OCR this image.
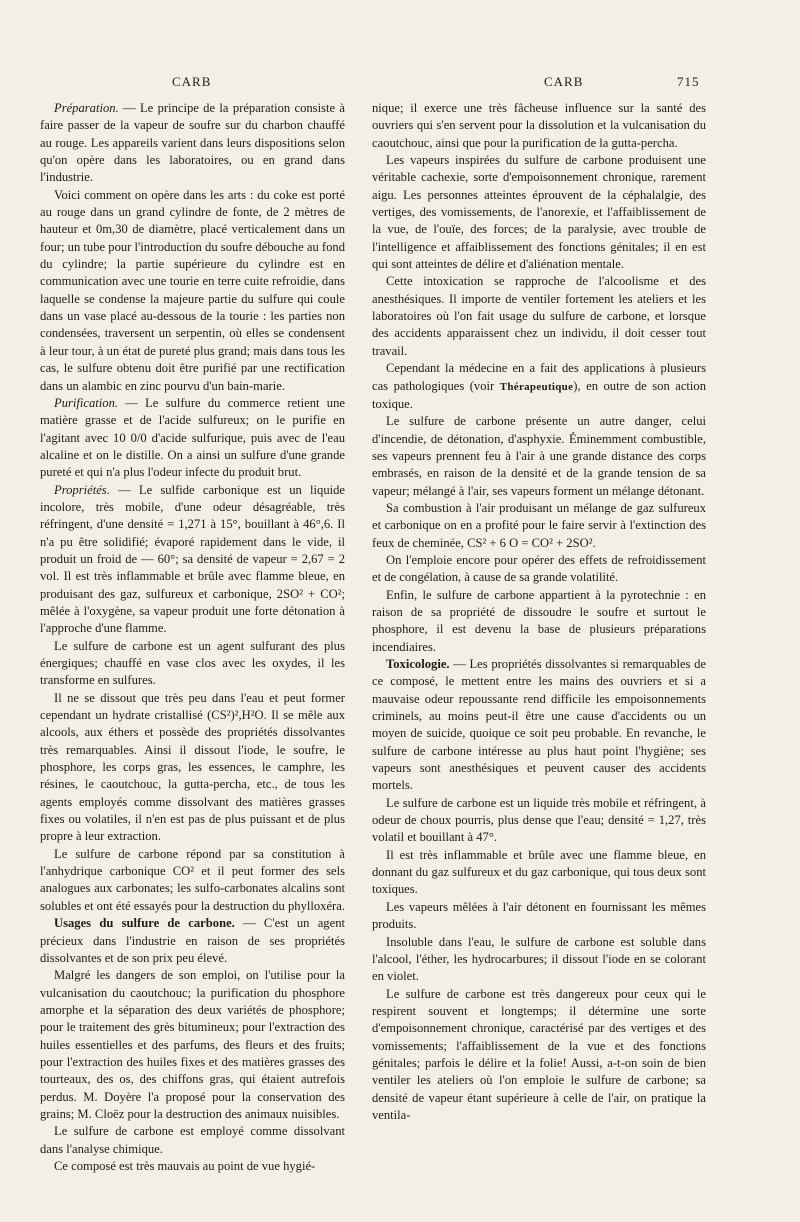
CARB	CARB	715

Préparation. — Le principe de la préparation consiste à faire passer de la vapeur de soufre sur du charbon chauffé au rouge. Les appareils varient dans leurs dispositions selon qu'on opère dans les laboratoires, ou en grand dans l'industrie.

Voici comment on opère dans les arts : du coke est porté au rouge dans un grand cylindre de fonte, de 2 mètres de hauteur et 0m,30 de diamètre, placé verticalement dans un four; un tube pour l'introduction du soufre débouche au fond du cylindre; la partie supérieure du cylindre est en communication avec une tourie en terre cuite refroidie, dans laquelle se condense la majeure partie du sulfure qui coule dans un vase placé au-dessous de la tourie : les parties non condensées, traversent un serpentin, où elles se condensent à leur tour, à un état de pureté plus grand; mais dans tous les cas, le sulfure obtenu doit être purifié par une rectification dans un alambic en zinc pourvu d'un bain-marie.

Purification. — Le sulfure du commerce retient une matière grasse et de l'acide sulfureux; on le purifie en l'agitant avec 10 0/0 d'acide sulfurique, puis avec de l'eau alcaline et on le distille. On a ainsi un sulfure d'une grande pureté et qui n'a plus l'odeur infecte du produit brut.

Propriétés. — Le sulfide carbonique est un liquide incolore, très mobile, d'une odeur désagréable, très réfringent, d'une densité = 1,271 à 15°, bouillant à 46°,6. Il n'a pu être solidifié; évaporé rapidement dans le vide, il produit un froid de — 60°; sa densité de vapeur = 2,67 = 2 vol. Il est très inflammable et brûle avec flamme bleue, en produisant des gaz, sulfureux et carbonique, 2SO² + CO²; mêlée à l'oxygène, sa vapeur produit une forte détonation à l'approche d'une flamme.

Le sulfure de carbone est un agent sulfurant des plus énergiques; chauffé en vase clos avec les oxydes, il les transforme en sulfures.

Il ne se dissout que très peu dans l'eau et peut former cependant un hydrate cristallisé (CS²)²,H²O. Il se mêle aux alcools, aux éthers et possède des propriétés dissolvantes très remarquables. Ainsi il dissout l'iode, le soufre, le phosphore, les corps gras, les essences, le camphre, les résines, le caoutchouc, la gutta-percha, etc., de tous les agents employés comme dissolvant des matières grasses fixes ou volatiles, il n'en est pas de plus puissant et de plus propre à leur extraction.

Le sulfure de carbone répond par sa constitution à l'anhydrique carbonique CO² et il peut former des sels analogues aux carbonates; les sulfo-carbonates alcalins sont solubles et ont été essayés pour la destruction du phylloxéra.

Usages du sulfure de carbone. — C'est un agent précieux dans l'industrie en raison de ses propriétés dissolvantes et de son prix peu élevé.

Malgré les dangers de son emploi, on l'utilise pour la vulcanisation du caoutchouc; la purification du phosphore amorphe et la séparation des deux variétés de phosphore; pour le traitement des grès bitumineux; pour l'extraction des huiles essentielles et des parfums, des fleurs et des fruits; pour l'extraction des huiles fixes et des matières grasses des tourteaux, des os, des chiffons gras, qui étaient autrefois perdus. M. Doyère l'a proposé pour la conservation des grains; M. Cloëz pour la destruction des animaux nuisibles.

Le sulfure de carbone est employé comme dissolvant dans l'analyse chimique.

Ce composé est très mauvais au point de vue hygié-

nique; il exerce une très fâcheuse influence sur la santé des ouvriers qui s'en servent pour la dissolution et la vulcanisation du caoutchouc, ainsi que pour la purification de la gutta-percha.

Les vapeurs inspirées du sulfure de carbone produisent une véritable cachexie, sorte d'empoisonnement chronique, rarement aigu. Les personnes atteintes éprouvent de la céphalalgie, des vertiges, des vomissements, de l'anorexie, et l'affaiblissement de la vue, de l'ouïe, des forces; de la paralysie, avec trouble de l'intelligence et affaiblissement des fonctions génitales; il en est qui sont atteintes de délire et d'aliénation mentale.

Cette intoxication se rapproche de l'alcoolisme et des anesthésiques. Il importe de ventiler fortement les ateliers et les laboratoires où l'on fait usage du sulfure de carbone, et lorsque des accidents apparaissent chez un individu, il doit cesser tout travail.

Cependant la médecine en a fait des applications à plusieurs cas pathologiques (voir Thérapeutique), en outre de son action toxique.

Le sulfure de carbone présente un autre danger, celui d'incendie, de détonation, d'asphyxie. Éminemment combustible, ses vapeurs prennent feu à l'air à une grande distance des corps embrasés, en raison de la densité et de la grande tension de sa vapeur; mélangé à l'air, ses vapeurs forment un mélange détonant.

Sa combustion à l'air produisant un mélange de gaz sulfureux et carbonique on en a profité pour le faire servir à l'extinction des feux de cheminée, CS² + 6 O = CO² + 2SO².

On l'emploie encore pour opérer des effets de refroidissement et de congélation, à cause de sa grande volatilité.

Enfin, le sulfure de carbone appartient à la pyrotechnie : en raison de sa propriété de dissoudre le soufre et surtout le phosphore, il est devenu la base de plusieurs préparations incendiaires.

Toxicologie. — Les propriétés dissolvantes si remarquables de ce composé, le mettent entre les mains des ouvriers et si a mauvaise odeur repoussante rend difficile les empoisonnements criminels, au moins peut-il être une cause d'accidents ou un moyen de suicide, quoique ce soit peu probable. En revanche, le sulfure de carbone intéresse au plus haut point l'hygiène; ses vapeurs sont anesthésiques et peuvent causer des accidents mortels.

Le sulfure de carbone est un liquide très mobile et réfringent, à odeur de choux pourris, plus dense que l'eau; densité = 1,27, très volatil et bouillant à 47°.

Il est très inflammable et brûle avec une flamme bleue, en donnant du gaz sulfureux et du gaz carbonique, qui tous deux sont toxiques.

Les vapeurs mêlées à l'air détonent en fournissant les mêmes produits.

Insoluble dans l'eau, le sulfure de carbone est soluble dans l'alcool, l'éther, les hydrocarbures; il dissout l'iode en se colorant en violet.

Le sulfure de carbone est très dangereux pour ceux qui le respirent souvent et longtemps; il détermine une sorte d'empoisonnement chronique, caractérisé par des vertiges et des vomissements; l'affaiblissement de la vue et des fonctions génitales; parfois le délire et la folie! Aussi, a-t-on soin de bien ventiler les ateliers où l'on emploie le sulfure de carbone; sa densité de vapeur étant supérieure à celle de l'air, on pratique la ventila-
